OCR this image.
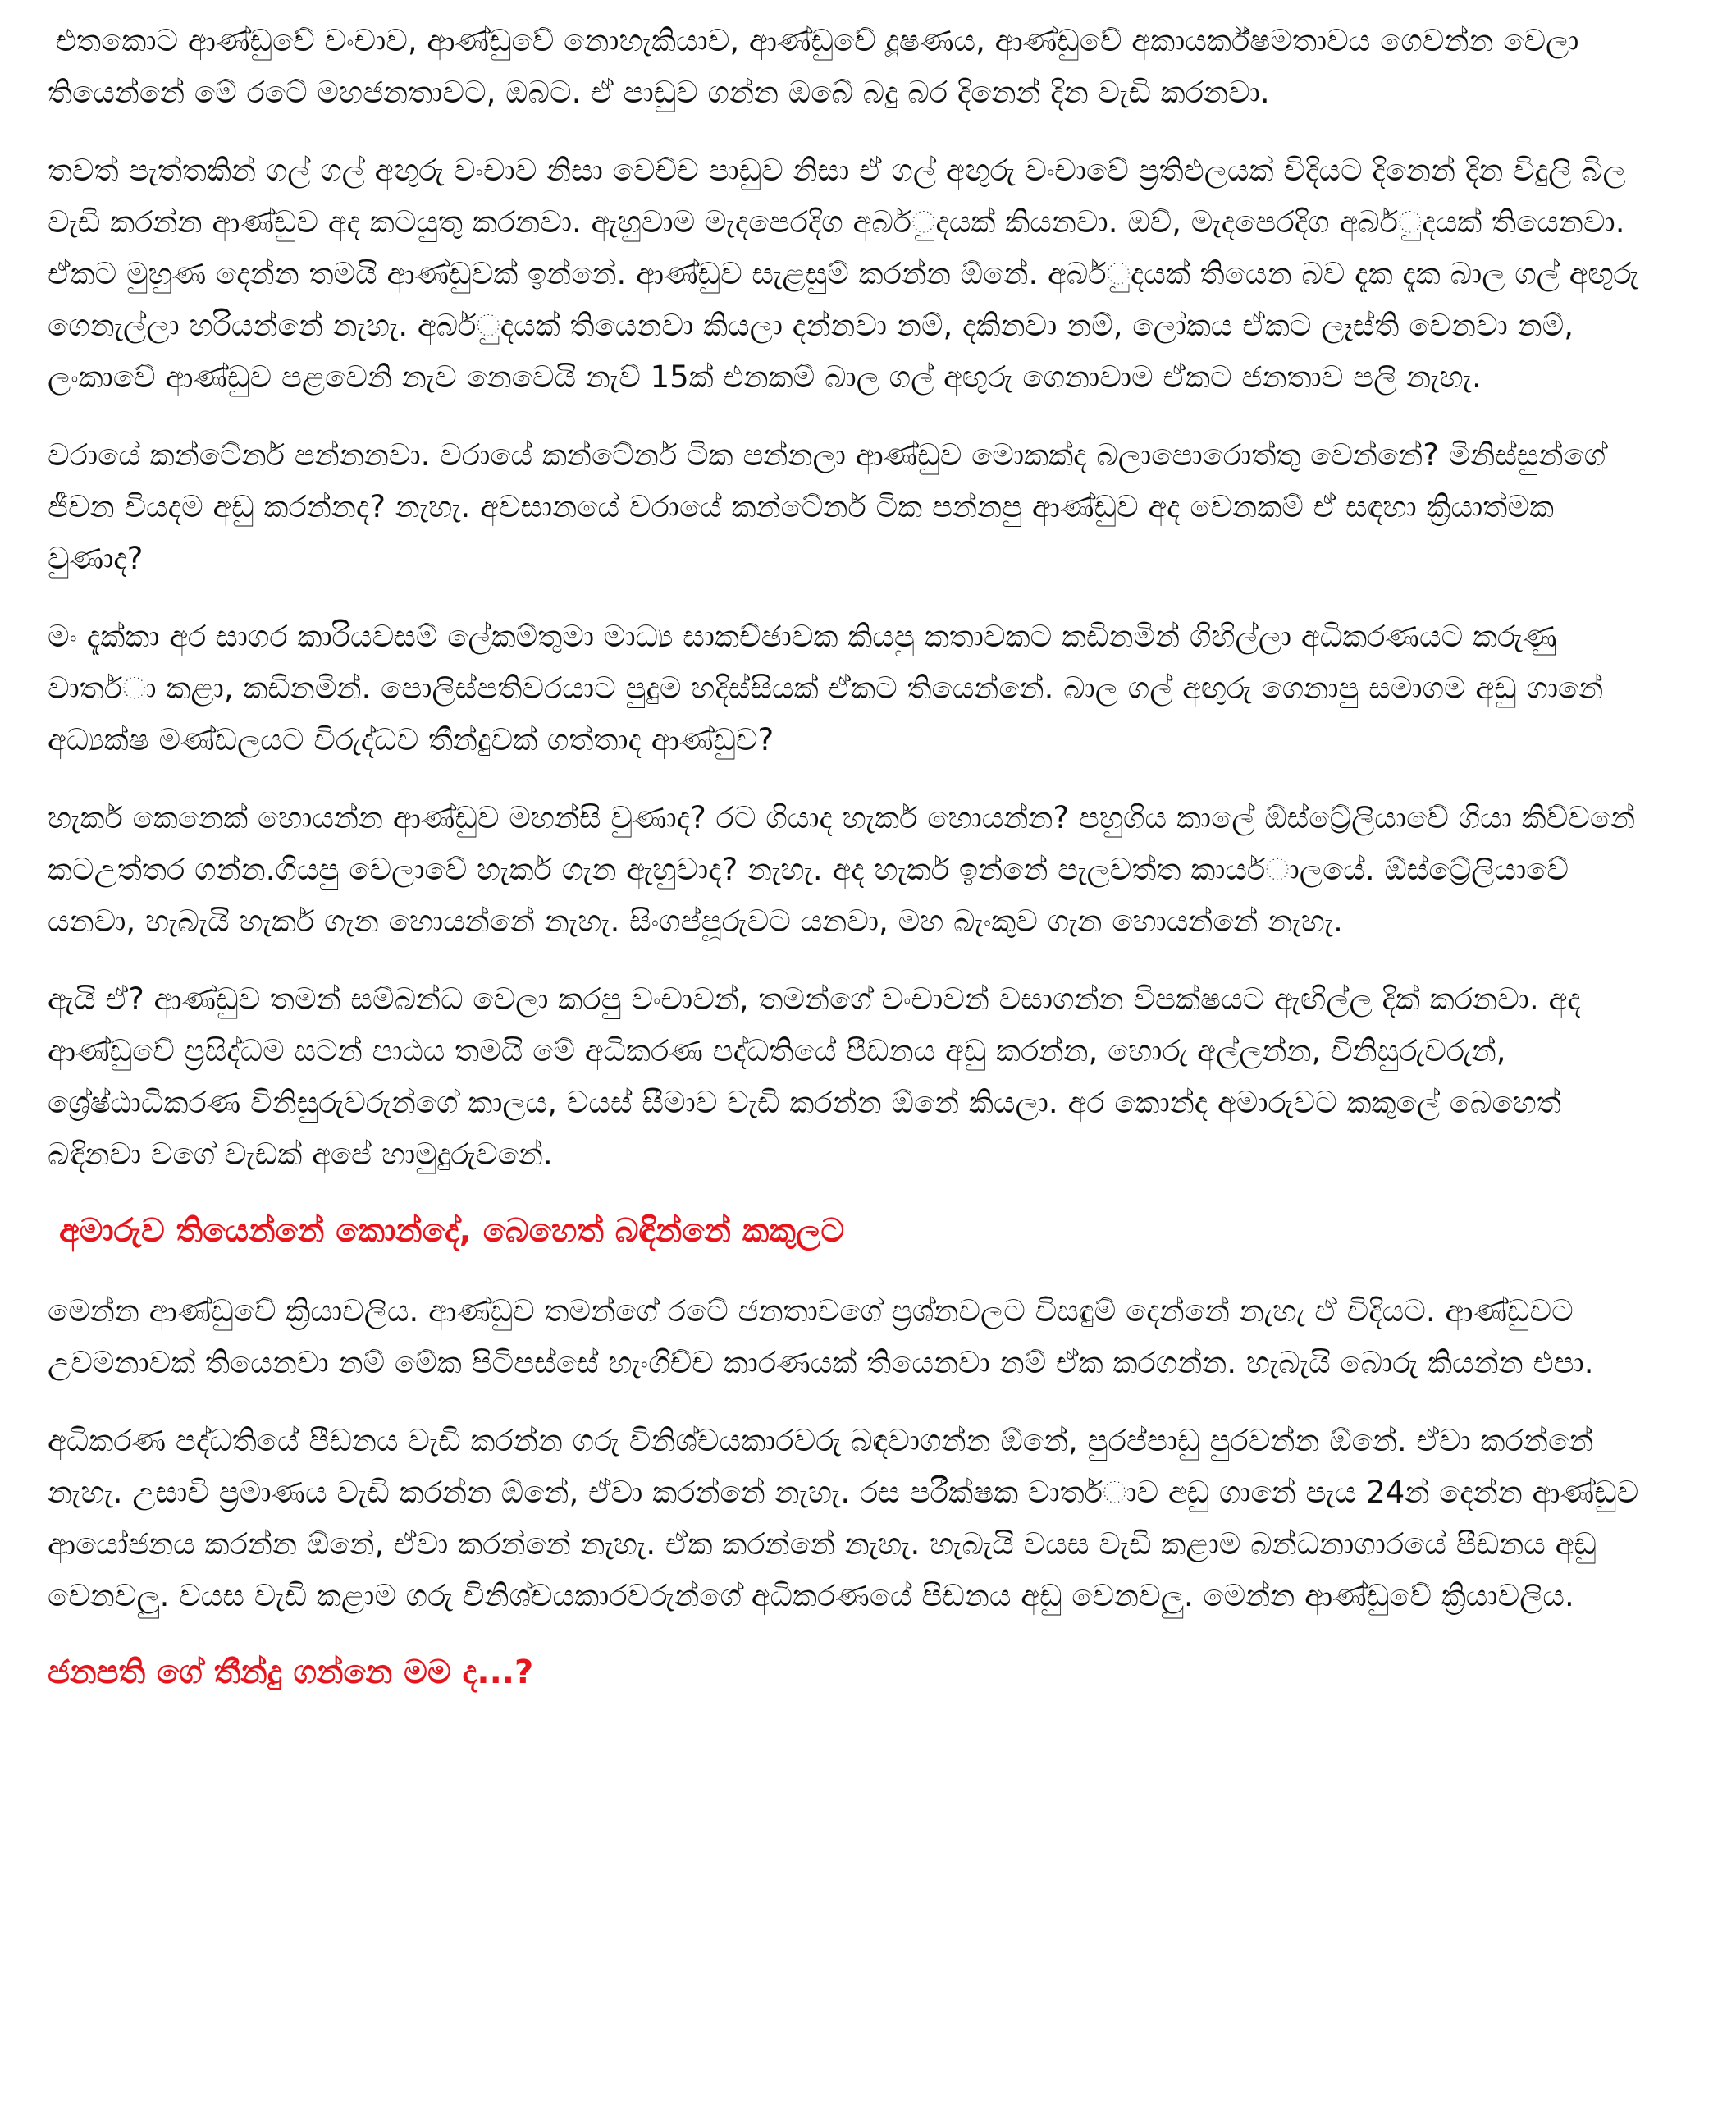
එතකොට ආණ්ඩුවේ වංචාව, ආණ්ඩුවේ නොහැකියාව, ආණ්ඩුවේ දූෂණය, ආණ්ඩුවේ අකායර්ක්ෂමතාවය ගෙවන්න වෙලා තියෙන්නේ මේ රටේ මහජනතාවට, ඔබට. ඒ පාඩුව ගන්න ඔබේ බදු බර දිනෙන් දින වැඩි කරනවා.

තවත් පැත්තකින් ගල් ගල් අඟුරු වංචාව නිසා වෙච්ච පාඩුව නිසා ඒ ගල් අඟුරු වංචාවේ ප්‍රතිඵලයක් විදියට දිනෙන් දින විදුලි බිල වැඩි කරන්න ආණ්ඩුව අද කටයුතු කරනවා. ඇහුවාම මැදපෙරදිග අබර්ුදයක් කියනවා. ඔව්, මැදපෙරදිග අබර්ුදයක් තියෙනවා. ඒකට මුහුණ දෙන්න තමයි ආණ්ඩුවක් ඉන්නේ. ආණ්ඩුව සැළසුම් කරන්න ඕනේ. අබර්ුදයක් තියෙන බව දැක දැක බාල ගල් අඟුරු ගෙනැල්ලා හරියන්නේ නැහැ. අබර්ුදයක් තියෙනවා කියලා දන්නවා නම්, දකිනවා නම්, ලෝකය ඒකට ලෑස්ති වෙනවා නම්, ලංකාවේ ආණ්ඩුව පළවෙනි නැව නෙවෙයි නැව් 15ක් එනකම් බාල ගල් අඟුරු ගෙනාවාම ඒකට ජනතාව පලි නැහැ.

වරායේ කන්ටේනර් පන්නනවා. වරායේ කන්ටේනර් ටික පන්නලා ආණ්ඩුව මොකක්ද බලාපොරොත්තු වෙන්නේ? මිනිස්සුන්ගේ ජීවන වියදම අඩු කරන්නද? නැහැ. අවසානයේ වරායේ කන්ටේනර් ටික පන්නපු ආණ්ඩුව අද වෙනකම් ඒ සඳහා ක්‍රියාත්මක වුණාද?

මං දැක්කා අර සාගර කාරියවසම් ලේකම්තුමා මාධ්‍ය සාකච්ඡාවක කියපු කතාවකට කඩිනමින් ගිහිල්ලා අධිකරණයට කරුණු වාතර්ා කළා, කඩිනමින්. පොලිස්පතිවරයාට පුදුම හදිස්සියක් ඒකට තියෙන්නේ. බාල ගල් අඟුරු ගෙනාපු සමාගම අඩු ගානේ අධ්‍යක්ෂ මණ්ඩලයට විරුද්ධව තීන්දුවක් ගත්තාද ආණ්ඩුව?

හැකර් කෙනෙක් හොයන්න ආණ්ඩුව මහන්සි වුණාද? රට ගියාද හැකර් හොයන්න? පහුගිය කාලේ ඕස්ට්‍රේලියාවේ ගියා කිව්වනේ කටඋත්තර ගන්න.ගියපු වෙලාවේ හැකර් ගැන ඇහුවාද? නැහැ. අද හැකර් ඉන්නේ පැලවත්ත කායර්ාලයේ. ඕස්ට්‍රේලියාවේ යනවා, හැබැයි හැකර් ගැන හොයන්නේ නැහැ. සිංගප්පූරුවට යනවා, මහ බැංකුව ගැන හොයන්නේ නැහැ.

ඇයි ඒ? ආණ්ඩුව තමන් සම්බන්ධ වෙලා කරපු වංචාවන්, තමන්ගේ වංචාවන් වසාගන්න විපක්ෂයට ඇඟිල්ල දික් කරනවා. අද ආණ්ඩුවේ ප්‍රසිද්ධම සටන් පාඨය තමයි මේ අධිකරණ පද්ධතියේ පීඩනය අඩු කරන්න, හොරු අල්ලන්න, විනිසුරුවරුන්, ශ්‍රේෂ්ඨාධිකරණ විනිසුරුවරුන්ගේ කාලය, වයස් සීමාව වැඩි කරන්න ඕනේ කියලා. අර කොන්ද අමාරුවට කකුලේ බෙහෙත් බඳිනවා වගේ වැඩක් අපේ හාමුදුරුවනේ.

අමාරුව තියෙන්නේ කොන්දේ, බෙහෙත් බඳින්නේ කකුලට

මෙන්න ආණ්ඩුවේ ක්‍රියාවලිය. ආණ්ඩුව තමන්ගේ රටේ ජනතාවගේ ප්‍රශ්නවලට විසඳුම් දෙන්නේ නැහැ ඒ විදියට. ආණ්ඩුවට උවමනාවක් තියෙනවා නම් මේක පිටිපස්සේ හැංගිච්ච කාරණයක් තියෙනවා නම් ඒක කරගන්න. හැබැයි බොරු කියන්න එපා.

අධිකරණ පද්ධතියේ පීඩනය වැඩි කරන්න ගරු විනිශ්චයකාරවරු බඳවාගන්න ඕනේ, පුරප්පාඩු පුරවන්න ඕනේ. ඒවා කරන්නේ නැහැ. උසාවි ප්‍රමාණය වැඩි කරන්න ඕනේ, ඒවා කරන්නේ නැහැ. රස පරීක්ෂක වාතර්ාව අඩු ගානේ පැය 24න් දෙන්න ආණ්ඩුව ආයෝජනය කරන්න ඕනේ, ඒවා කරන්නේ නැහැ. ඒක කරන්නේ නැහැ. හැබැයි වයස වැඩි කළාම බන්ධනාගාරයේ පීඩනය අඩු වෙනවලු. වයස වැඩි කළාම ගරු විනිශ්චයකාරවරුන්ගේ අධිකරණයේ පීඩනය අඩු වෙනවලු. මෙන්න ආණ්ඩුවේ ක්‍රියාවලිය.

ජනපති ගේ තීන්දු ගන්නෙ මම ද...?
